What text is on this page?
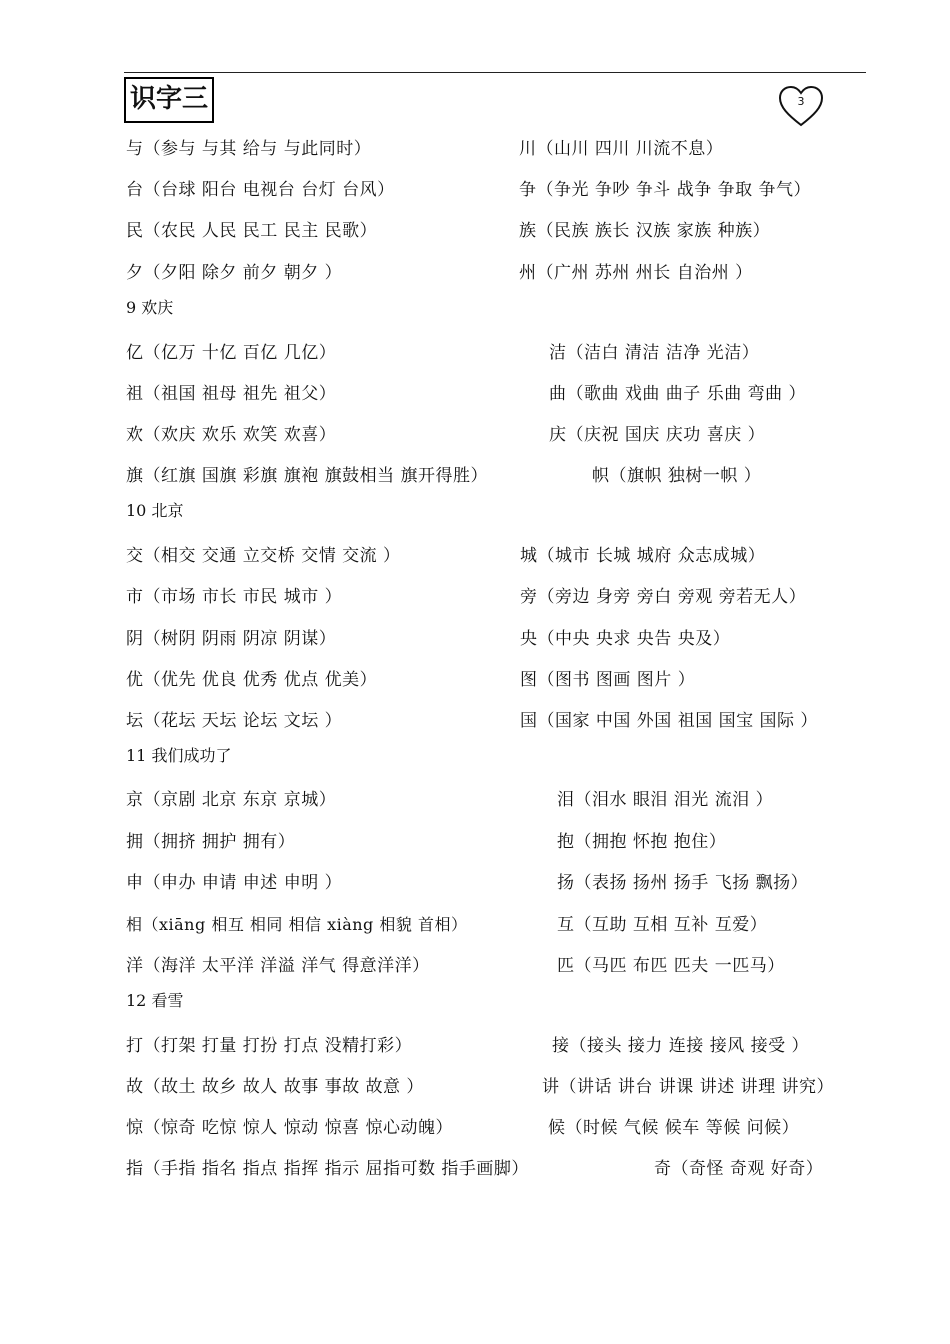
识字三	3
与（参与 与其 给与 与此同时）	川（山川 四川 川流不息）
台（台球 阳台 电视台 台灯 台风）	争（争光 争吵 争斗 战争 争取 争气）
民（农民 人民 民工 民主 民歌）	族（民族 族长 汉族 家族 种族）
夕（夕阳 除夕 前夕 朝夕 ）	州（广州 苏州 州长 自治州 ）
9 欢庆
亿（亿万 十亿 百亿 几亿）	洁（洁白 清洁 洁净 光洁）
祖（祖国 祖母 祖先 祖父）	曲（歌曲 戏曲 曲子 乐曲 弯曲 ）
欢（欢庆 欢乐 欢笑 欢喜）	庆（庆祝 国庆 庆功 喜庆 ）
旗（红旗 国旗 彩旗 旗袍 旗鼓相当 旗开得胜）	帜（旗帜 独树一帜 ）
10 北京
交（相交 交通 立交桥 交情 交流 ）	城（城市 长城 城府 众志成城）
市（市场 市长 市民 城市 ）	旁（旁边 身旁 旁白 旁观 旁若无人）
阴（树阴 阴雨 阴凉 阴谋）	央（中央 央求 央告 央及）
优（优先 优良 优秀 优点 优美）	图（图书 图画 图片 ）
坛（花坛 天坛 论坛 文坛 ）	国（国家 中国 外国 祖国 国宝 国际 ）
11 我们成功了
京（京剧 北京 东京 京城）	泪（泪水 眼泪 泪光 流泪 ）
拥（拥挤 拥护 拥有）	抱（拥抱 怀抱 抱住）
申（申办 申请 申述 申明 ）	扬（表扬 扬州 扬手 飞扬 飘扬）
相（xiāng 相互 相同 相信 xiàng 相貌 首相）	互（互助 互相 互补 互爱）
洋（海洋 太平洋 洋溢 洋气 得意洋洋）	匹（马匹 布匹 匹夫 一匹马）
12 看雪
打（打架 打量 打扮 打点 没精打彩）	接（接头 接力 连接 接风 接受 ）
故（故土 故乡 故人 故事 事故 故意 ）	讲（讲话 讲台 讲课 讲述 讲理 讲究）
惊（惊奇 吃惊 惊人 惊动 惊喜 惊心动魄）	候（时候 气候 候车 等候 问候）
指（手指 指名 指点 指挥 指示 屈指可数 指手画脚）	奇（奇怪 奇观 好奇）
